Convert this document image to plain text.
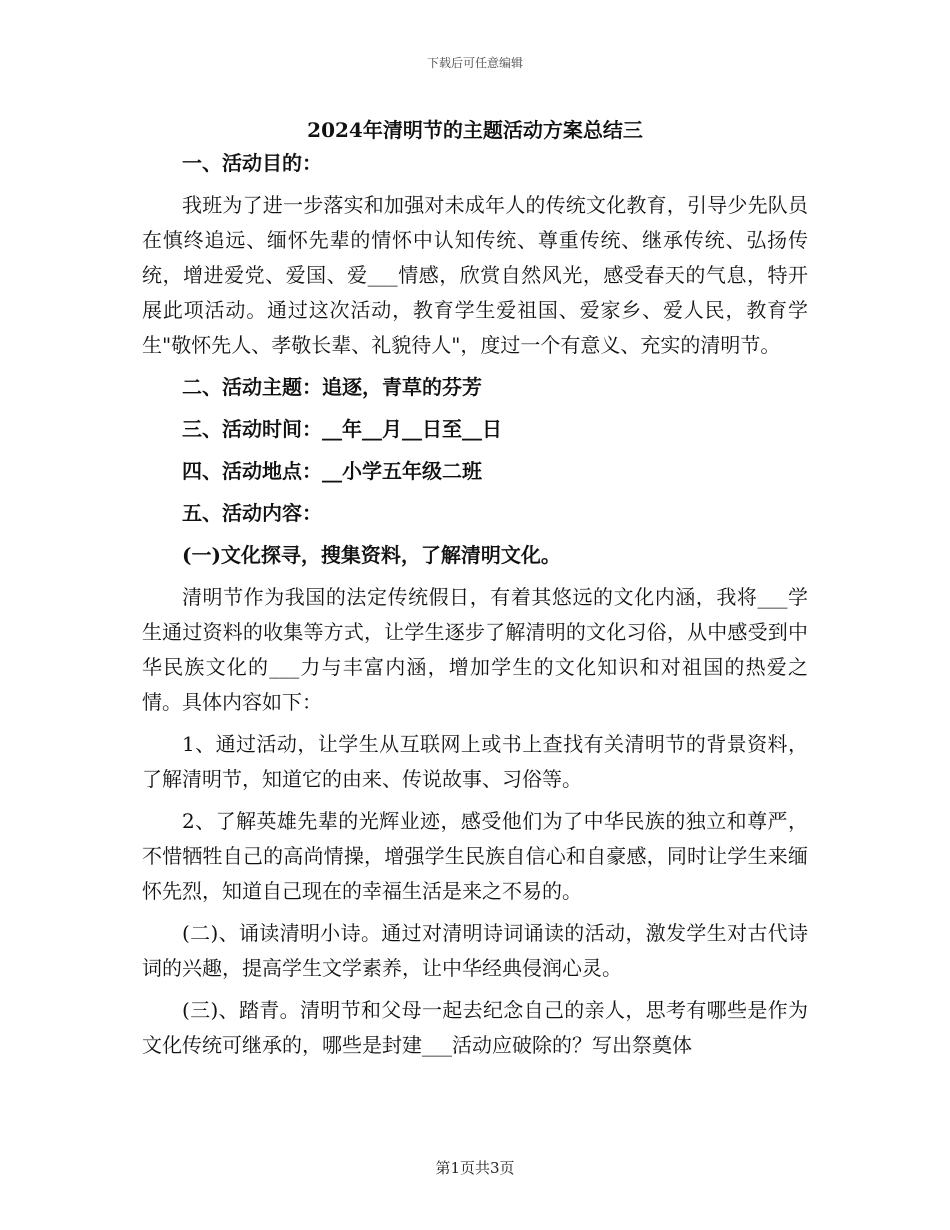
下载后可任意编辑
2024年清明节的主题活动方案总结三

一、活动目的：

我班为了进一步落实和加强对未成年人的传统文化教育，引导少先队员在慎终追远、缅怀先辈的情怀中认知传统、尊重传统、继承传统、弘扬传统，增进爱党、爱国、爱___情感，欣赏自然风光，感受春天的气息，特开展此项活动。通过这次活动，教育学生爱祖国、爱家乡、爱人民，教育学生"敬怀先人、孝敬长辈、礼貌待人"，度过一个有意义、充实的清明节。

二、活动主题：追逐，青草的芬芳

三、活动时间：__年__月__日至__日

四、活动地点：__小学五年级二班

五、活动内容：

(一)文化探寻，搜集资料，了解清明文化。

清明节作为我国的法定传统假日，有着其悠远的文化内涵，我将___学生通过资料的收集等方式，让学生逐步了解清明的文化习俗，从中感受到中华民族文化的___力与丰富内涵，增加学生的文化知识和对祖国的热爱之情。具体内容如下：

1、通过活动，让学生从互联网上或书上查找有关清明节的背景资料，了解清明节，知道它的由来、传说故事、习俗等。

2、了解英雄先辈的光辉业迹，感受他们为了中华民族的独立和尊严，不惜牺牲自己的高尚情操，增强学生民族自信心和自豪感，同时让学生来缅怀先烈，知道自己现在的幸福生活是来之不易的。

(二)、诵读清明小诗。通过对清明诗词诵读的活动，激发学生对古代诗词的兴趣，提高学生文学素养，让中华经典侵润心灵。

(三)、踏青。清明节和父母一起去纪念自己的亲人，思考有哪些是作为文化传统可继承的，哪些是封建___活动应破除的？写出祭奠体

第1页共3页
